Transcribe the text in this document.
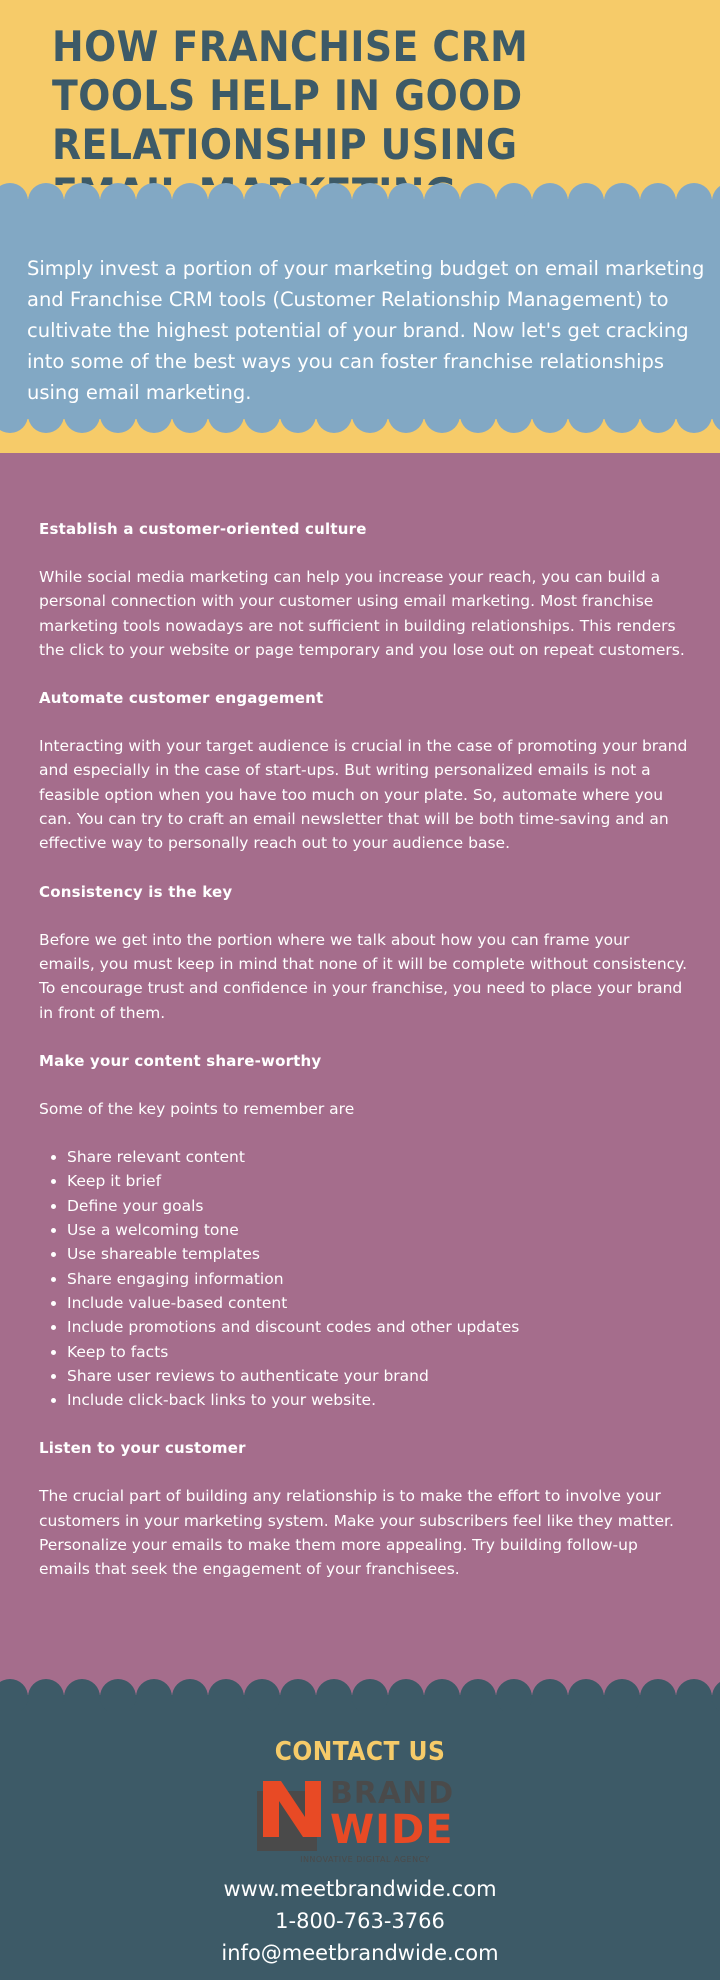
HOW FRANCHISE CRM TOOLS HELP IN GOOD RELATIONSHIP USING

Simply invest a portion of your marketing budget on email marketing and Franchise CRM tools (Customer Relationship Management) to cultivate the highest potential of your brand. Now let's get cracking into some of the best ways you can foster franchise relationships using email marketing.

Establish a customer-oriented culture

While social media marketing can help you increase your reach, you can build a personal connection with your customer using email marketing. Most franchise marketing tools nowadays are not sufficient in building relationships. This renders the click to your website or page temporary and you lose out on repeat customers.

Automate customer engagement

Interacting with your target audience is crucial in the case of promoting your brand and especially in the case of start-ups. But writing personalized emails is not a feasible option when you have too much on your plate. So, automate where you can. You can try to craft an email newsletter that will be both time-saving and an effective way to personally reach out to your audience base.

Consistency is the key

Before we get into the portion where we talk about how you can frame your emails, you must keep in mind that none of it will be complete without consistency. To encourage trust and confidence in your franchise, you need to place your brand in front of them.

Make your content share-worthy

Some of the key points to remember are

• Share relevant content
• Keep it brief
• Define your goals
• Use a welcoming tone
• Use shareable templates
• Share engaging information
• Include value-based content
• Include promotions and discount codes and other updates
• Keep to facts
• Share user reviews to authenticate your brand
• Include click-back links to your website.
Listen to your customer

The crucial part of building any relationship is to make the effort to involve your customers in your marketing system. Make your subscribers feel like they matter. Personalize your emails to make them more appealing. Try building follow-up emails that seek the engagement of your franchisees.

CONTACT US
BRAND
WIDE
INNOVATIVE DIGITAL AGENCY

www.meetbrandwide.com

1-800-763-3766

info@meetbrandwide.com
